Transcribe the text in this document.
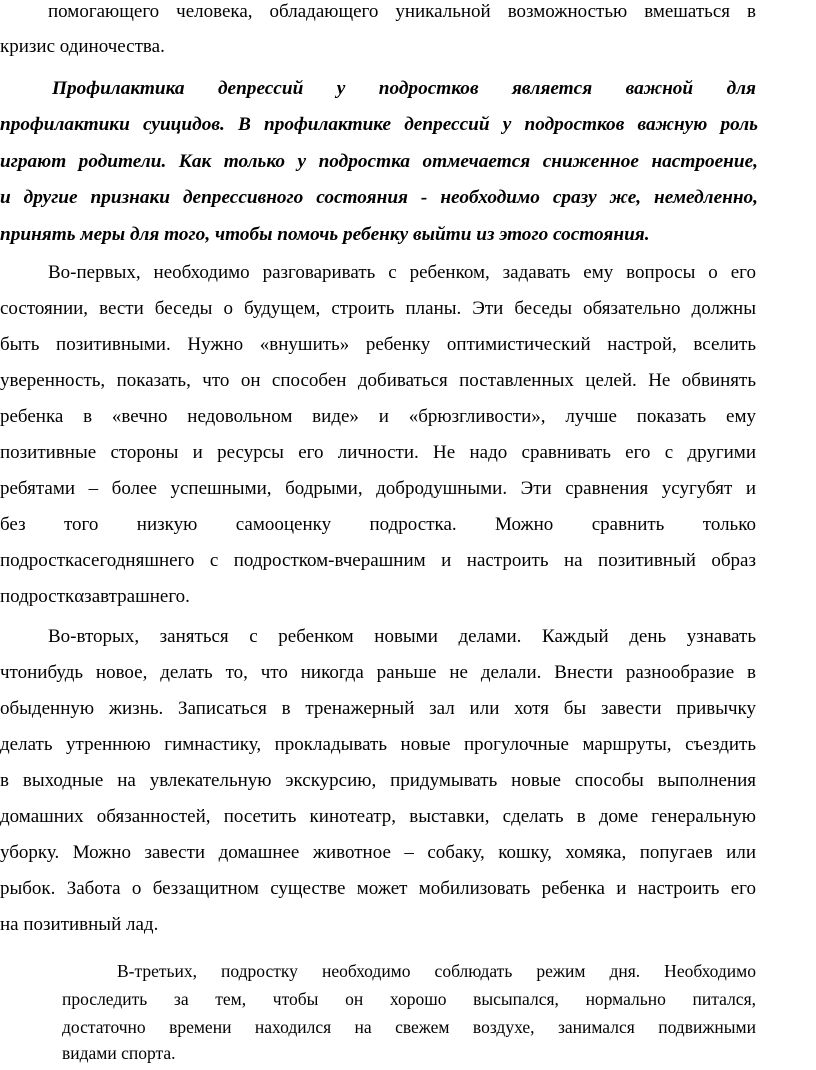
помогающего человека, обладающего уникальной возможностью вмешаться в

кризис одиночества.

Профилактика депрессий у подростков является важной для

профилактики суицидов. В профилактике депрессий у подростков важную роль

играют родители. Как только у подростка отмечается сниженное настроение,

и другие признаки депрессивного состояния - необходимо сразу же, немедленно,

принять меры для того, чтобы помочь ребенку выйти из этого состояния.

Во-первых, необходимо разговаривать с ребенком, задавать ему вопросы о его

состоянии, вести беседы о будущем, строить планы. Эти беседы обязательно должны

быть позитивными. Нужно «внушить» ребенку оптимистический настрой, вселить

уверенность, показать, что он способен добиваться поставленных целей. Не обвинять

ребенка в «вечно недовольном виде» и «брюзгливости», лучше показать ему

позитивные стороны и ресурсы его личности. Не надо сравнивать его с другими

ребятами – более успешными, бодрыми, добродушными. Эти сравнения усугубят и

без того низкую самооценку подростка. Можно сравнить только

подросткасегодняшнего с подростком-вчерашним и настроить на позитивный образ

подросткαзавтрашнего.

Во-вторых, заняться с ребенком новыми делами. Каждый день узнавать

чтонибудь новое, делать то, что никогда раньше не делали. Внести разнообразие в

обыденную жизнь. Записаться в тренажерный зал или хотя бы завести привычку

делать утреннюю гимнастику, прокладывать новые прогулочные маршруты, съездить

в выходные на увлекательную экскурсию, придумывать новые способы выполнения

домашних обязанностей, посетить кинотеатр, выставки, сделать в доме генеральную

уборку. Можно завести домашнее животное – собаку, кошку, хомяка, попугаев или

рыбок. Забота о беззащитном существе может мобилизовать ребенка и настроить его

на позитивный лад.

В-третьих, подростку необходимо соблюдать режим дня. Необходимо

проследить за тем, чтобы он хорошо высыпался, нормально питался,

достаточно времени находился на свежем воздухе, занимался подвижными

видами спорта.
